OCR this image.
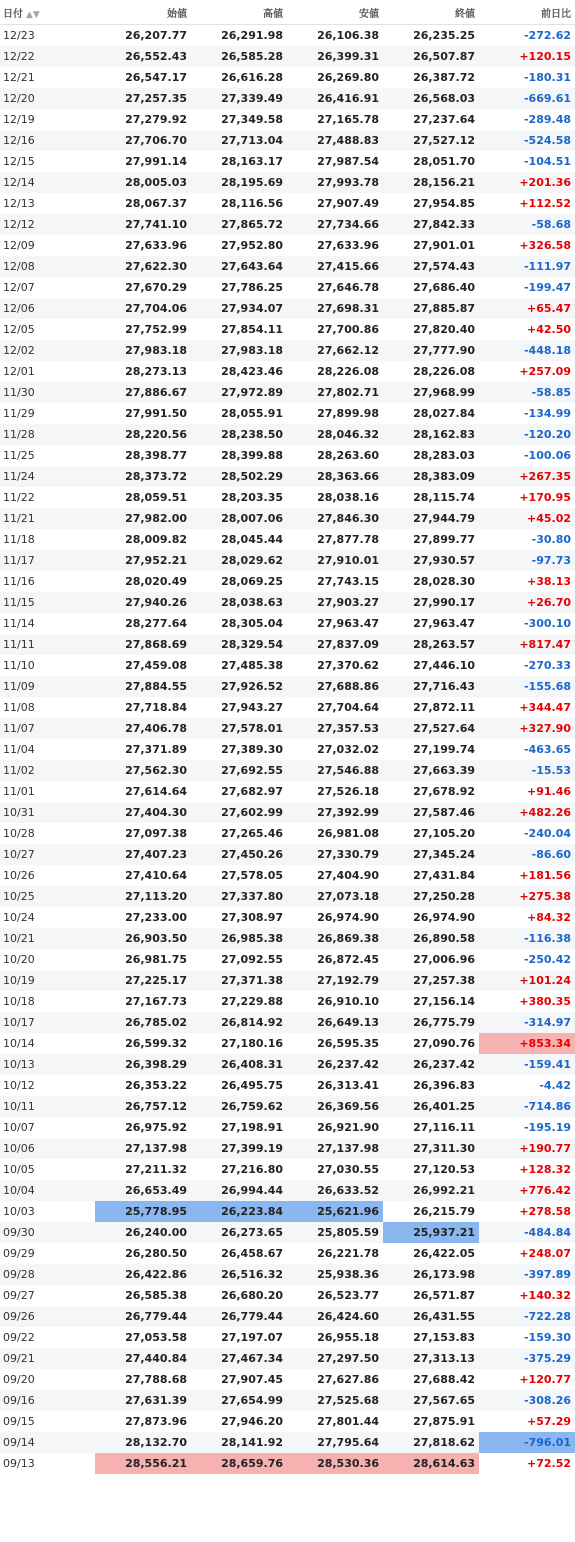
日付 ▲▼	始値	高値	安値	終値	前日比
12/23	26,207.77	26,291.98	26,106.38	26,235.25	-272.62
12/22	26,552.43	26,585.28	26,399.31	26,507.87	+120.15
12/21	26,547.17	26,616.28	26,269.80	26,387.72	-180.31
12/20	27,257.35	27,339.49	26,416.91	26,568.03	-669.61
12/19	27,279.92	27,349.58	27,165.78	27,237.64	-289.48
12/16	27,706.70	27,713.04	27,488.83	27,527.12	-524.58
12/15	27,991.14	28,163.17	27,987.54	28,051.70	-104.51
12/14	28,005.03	28,195.69	27,993.78	28,156.21	+201.36
12/13	28,067.37	28,116.56	27,907.49	27,954.85	+112.52
12/12	27,741.10	27,865.72	27,734.66	27,842.33	-58.68
12/09	27,633.96	27,952.80	27,633.96	27,901.01	+326.58
12/08	27,622.30	27,643.64	27,415.66	27,574.43	-111.97
12/07	27,670.29	27,786.25	27,646.78	27,686.40	-199.47
12/06	27,704.06	27,934.07	27,698.31	27,885.87	+65.47
12/05	27,752.99	27,854.11	27,700.86	27,820.40	+42.50
12/02	27,983.18	27,983.18	27,662.12	27,777.90	-448.18
12/01	28,273.13	28,423.46	28,226.08	28,226.08	+257.09
11/30	27,886.67	27,972.89	27,802.71	27,968.99	-58.85
11/29	27,991.50	28,055.91	27,899.98	28,027.84	-134.99
11/28	28,220.56	28,238.50	28,046.32	28,162.83	-120.20
11/25	28,398.77	28,399.88	28,263.60	28,283.03	-100.06
11/24	28,373.72	28,502.29	28,363.66	28,383.09	+267.35
11/22	28,059.51	28,203.35	28,038.16	28,115.74	+170.95
11/21	27,982.00	28,007.06	27,846.30	27,944.79	+45.02
11/18	28,009.82	28,045.44	27,877.78	27,899.77	-30.80
11/17	27,952.21	28,029.62	27,910.01	27,930.57	-97.73
11/16	28,020.49	28,069.25	27,743.15	28,028.30	+38.13
11/15	27,940.26	28,038.63	27,903.27	27,990.17	+26.70
11/14	28,277.64	28,305.04	27,963.47	27,963.47	-300.10
11/11	27,868.69	28,329.54	27,837.09	28,263.57	+817.47
11/10	27,459.08	27,485.38	27,370.62	27,446.10	-270.33
11/09	27,884.55	27,926.52	27,688.86	27,716.43	-155.68
11/08	27,718.84	27,943.27	27,704.64	27,872.11	+344.47
11/07	27,406.78	27,578.01	27,357.53	27,527.64	+327.90
11/04	27,371.89	27,389.30	27,032.02	27,199.74	-463.65
11/02	27,562.30	27,692.55	27,546.88	27,663.39	-15.53
11/01	27,614.64	27,682.97	27,526.18	27,678.92	+91.46
10/31	27,404.30	27,602.99	27,392.99	27,587.46	+482.26
10/28	27,097.38	27,265.46	26,981.08	27,105.20	-240.04
10/27	27,407.23	27,450.26	27,330.79	27,345.24	-86.60
10/26	27,410.64	27,578.05	27,404.90	27,431.84	+181.56
10/25	27,113.20	27,337.80	27,073.18	27,250.28	+275.38
10/24	27,233.00	27,308.97	26,974.90	26,974.90	+84.32
10/21	26,903.50	26,985.38	26,869.38	26,890.58	-116.38
10/20	26,981.75	27,092.55	26,872.45	27,006.96	-250.42
10/19	27,225.17	27,371.38	27,192.79	27,257.38	+101.24
10/18	27,167.73	27,229.88	26,910.10	27,156.14	+380.35
10/17	26,785.02	26,814.92	26,649.13	26,775.79	-314.97
10/14	26,599.32	27,180.16	26,595.35	27,090.76	+853.34
10/13	26,398.29	26,408.31	26,237.42	26,237.42	-159.41
10/12	26,353.22	26,495.75	26,313.41	26,396.83	-4.42
10/11	26,757.12	26,759.62	26,369.56	26,401.25	-714.86
10/07	26,975.92	27,198.91	26,921.90	27,116.11	-195.19
10/06	27,137.98	27,399.19	27,137.98	27,311.30	+190.77
10/05	27,211.32	27,216.80	27,030.55	27,120.53	+128.32
10/04	26,653.49	26,994.44	26,633.52	26,992.21	+776.42
10/03	25,778.95	26,223.84	25,621.96	26,215.79	+278.58
09/30	26,240.00	26,273.65	25,805.59	25,937.21	-484.84
09/29	26,280.50	26,458.67	26,221.78	26,422.05	+248.07
09/28	26,422.86	26,516.32	25,938.36	26,173.98	-397.89
09/27	26,585.38	26,680.20	26,523.77	26,571.87	+140.32
09/26	26,779.44	26,779.44	26,424.60	26,431.55	-722.28
09/22	27,053.58	27,197.07	26,955.18	27,153.83	-159.30
09/21	27,440.84	27,467.34	27,297.50	27,313.13	-375.29
09/20	27,788.68	27,907.45	27,627.86	27,688.42	+120.77
09/16	27,631.39	27,654.99	27,525.68	27,567.65	-308.26
09/15	27,873.96	27,946.20	27,801.44	27,875.91	+57.29
09/14	28,132.70	28,141.92	27,795.64	27,818.62	-796.01
09/13	28,556.21	28,659.76	28,530.36	28,614.63	+72.52
